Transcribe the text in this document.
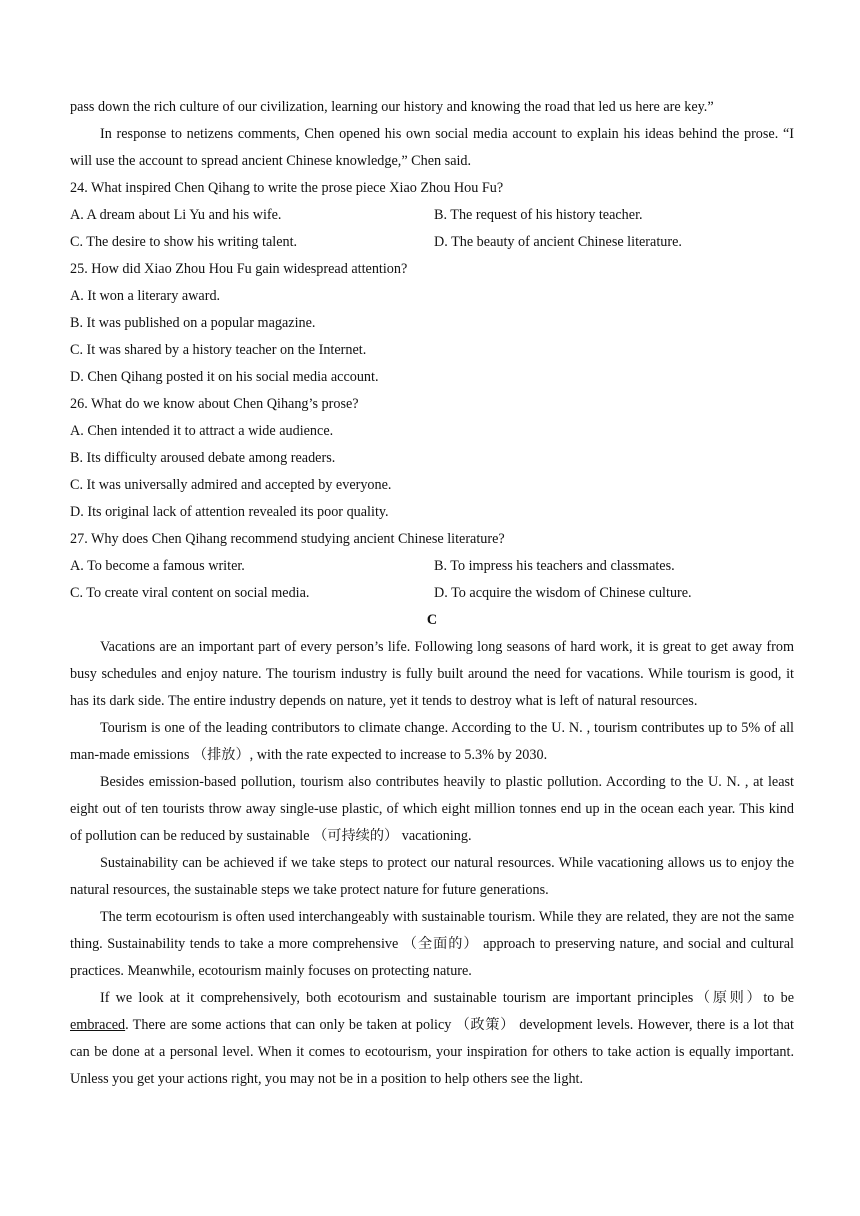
pass down the rich culture of our civilization, learning our history and knowing the road that led us here are key.”

In response to netizens comments, Chen opened his own social media account to explain his ideas behind the prose. “I will use the account to spread ancient Chinese knowledge,” Chen said.

24. What inspired Chen Qihang to write the prose piece Xiao Zhou Hou Fu?
A. A dream about Li Yu and his wife.	B. The request of his history teacher.
C. The desire to show his writing talent.	D. The beauty of ancient Chinese literature.
25. How did Xiao Zhou Hou Fu gain widespread attention?
A. It won a literary award.
B. It was published on a popular magazine.
C. It was shared by a history teacher on the Internet.
D. Chen Qihang posted it on his social media account.
26. What do we know about Chen Qihang’s prose?
A. Chen intended it to attract a wide audience.
B. Its difficulty aroused debate among readers.
C. It was universally admired and accepted by everyone.
D. Its original lack of attention revealed its poor quality.
27. Why does Chen Qihang recommend studying ancient Chinese literature?
A. To become a famous writer.	B. To impress his teachers and classmates.
C. To create viral content on social media.	D. To acquire the wisdom of Chinese culture.
C

Vacations are an important part of every person’s life. Following long seasons of hard work, it is great to get away from busy schedules and enjoy nature. The tourism industry is fully built around the need for vacations. While tourism is good, it has its dark side. The entire industry depends on nature, yet it tends to destroy what is left of natural resources.

Tourism is one of the leading contributors to climate change. According to the U. N. , tourism contributes up to 5% of all man-made emissions （排放）, with the rate expected to increase to 5.3% by 2030.

Besides emission-based pollution, tourism also contributes heavily to plastic pollution. According to the U. N. , at least eight out of ten tourists throw away single-use plastic, of which eight million tonnes end up in the ocean each year. This kind of pollution can be reduced by sustainable （可持续的） vacationing.

Sustainability can be achieved if we take steps to protect our natural resources. While vacationing allows us to enjoy the natural resources, the sustainable steps we take protect nature for future generations.

The term ecotourism is often used interchangeably with sustainable tourism. While they are related, they are not the same thing. Sustainability tends to take a more comprehensive （全面的） approach to preserving nature, and social and cultural practices. Meanwhile, ecotourism mainly focuses on protecting nature.

If we look at it comprehensively, both ecotourism and sustainable tourism are important principles（原则）to be embraced. There are some actions that can only be taken at policy （政策） development levels. However, there is a lot that can be done at a personal level. When it comes to ecotourism, your inspiration for others to take action is equally important. Unless you get your actions right, you may not be in a position to help others see the light.
